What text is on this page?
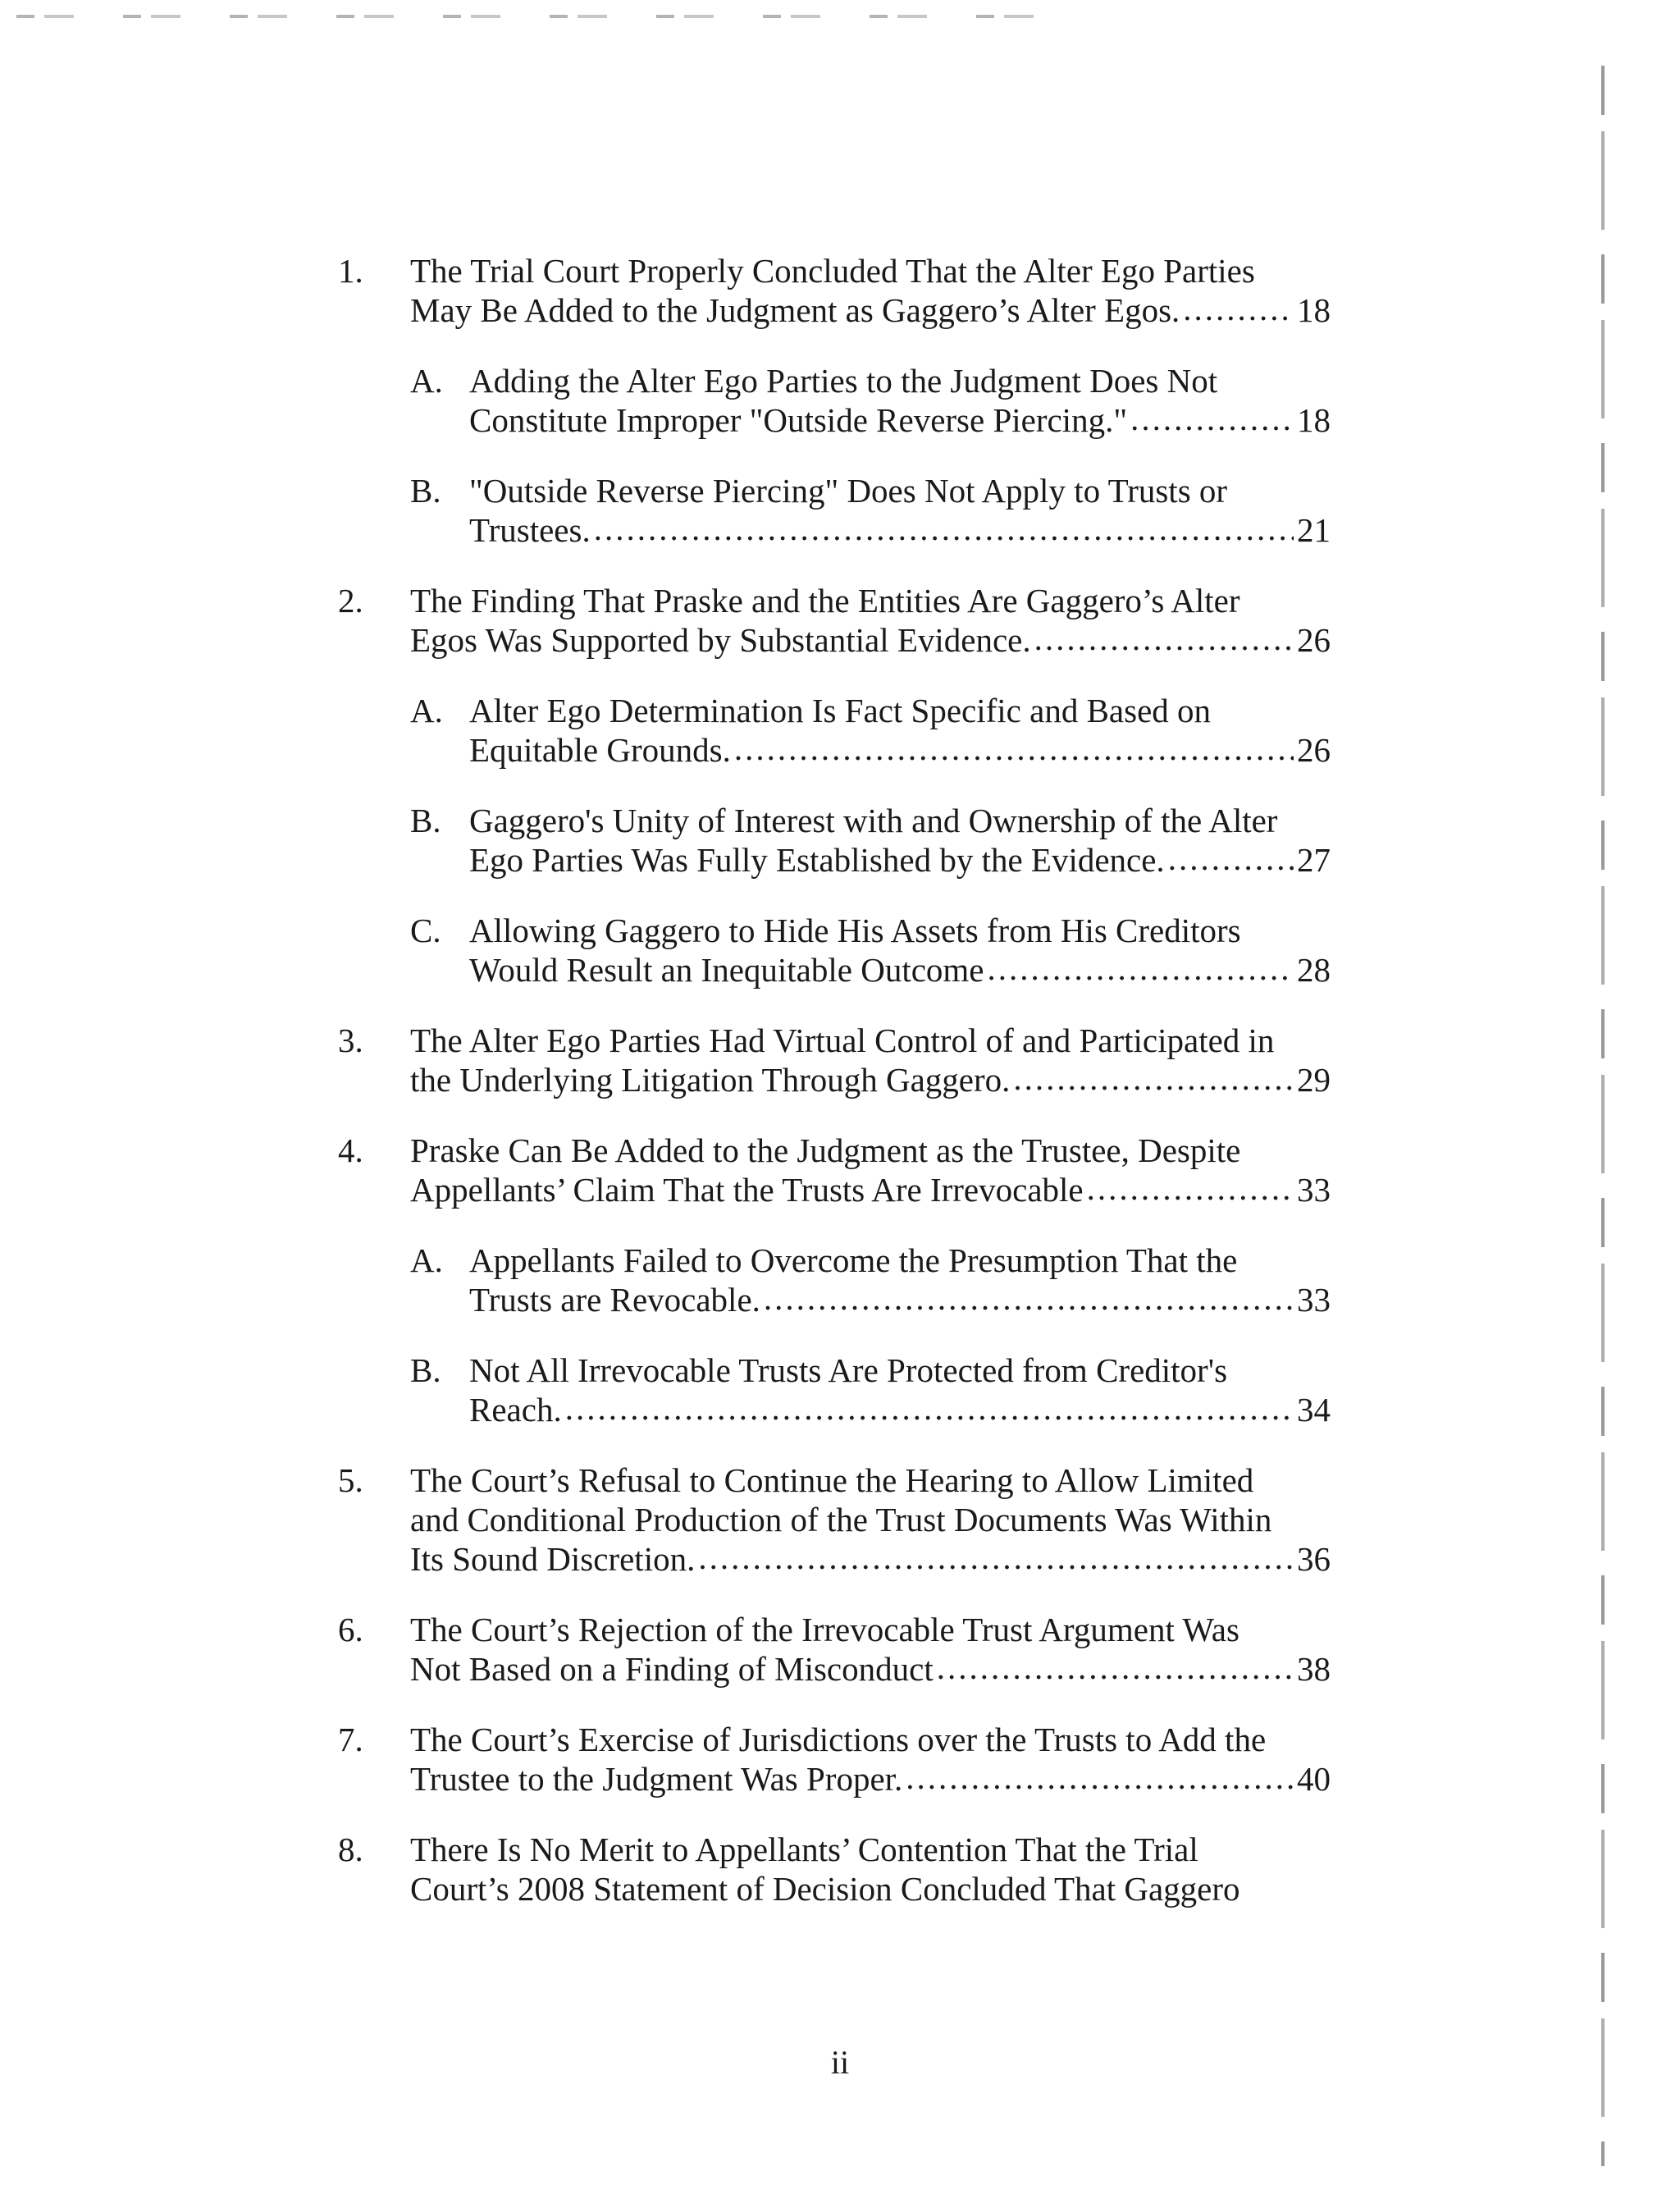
1. The Trial Court Properly Concluded That the Alter Ego Parties
May Be Added to the Judgment as Gaggero’s Alter Egos. .....	18
A. Adding the Alter Ego Parties to the Judgment Does Not
Constitute Improper "Outside Reverse Piercing." .....	18
B. "Outside Reverse Piercing" Does Not Apply to Trusts or
Trustees. .....	21
2. The Finding That Praske and the Entities Are Gaggero’s Alter
Egos Was Supported by Substantial Evidence. .....	26
A. Alter Ego Determination Is Fact Specific and Based on
Equitable Grounds. .....	26
B. Gaggero's Unity of Interest with and Ownership of the Alter
Ego Parties Was Fully Established by the Evidence. .....	27
C. Allowing Gaggero to Hide His Assets from His Creditors
Would Result an Inequitable Outcome .....	28
3. The Alter Ego Parties Had Virtual Control of and Participated in
the Underlying Litigation Through Gaggero. .....	29
4. Praske Can Be Added to the Judgment as the Trustee, Despite
Appellants’ Claim That the Trusts Are Irrevocable .....	33
A. Appellants Failed to Overcome the Presumption That the
Trusts are Revocable. .....	33
B. Not All Irrevocable Trusts Are Protected from Creditor's
Reach. .....	34
5. The Court’s Refusal to Continue the Hearing to Allow Limited
and Conditional Production of the Trust Documents Was Within
Its Sound Discretion. .....	36
6. The Court’s Rejection of the Irrevocable Trust Argument Was
Not Based on a Finding of Misconduct .....	38
7. The Court’s Exercise of Jurisdictions over the Trusts to Add the
Trustee to the Judgment Was Proper. .....	40
8. There Is No Merit to Appellants’ Contention That the Trial
Court’s 2008 Statement of Decision Concluded That Gaggero
ii
